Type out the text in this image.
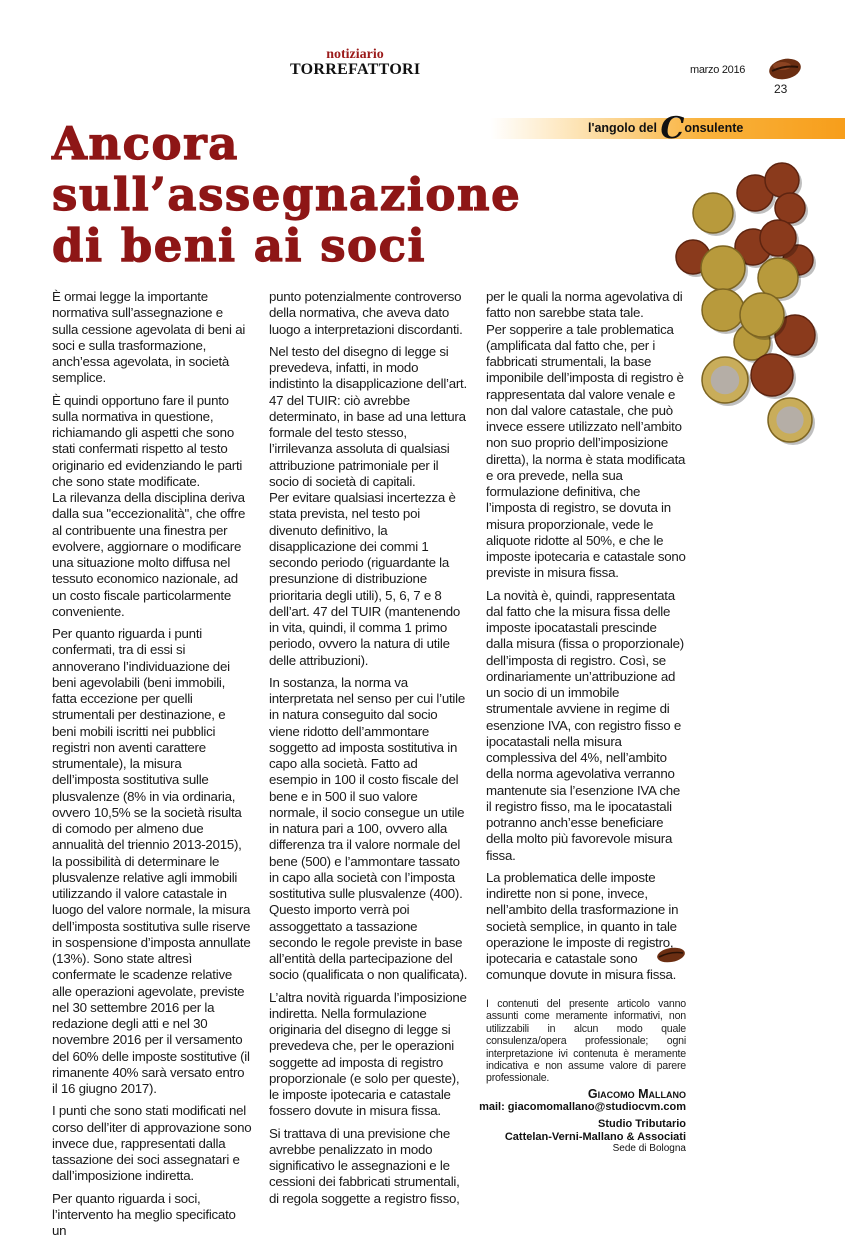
notiziario
TORREFATTORI	marzo 2016
23
l'angolo del Consulente
Ancora
sull’assegnazione
di beni ai soci

È ormai legge la importante normativa sull’assegnazione e sulla cessione agevolata di beni ai soci e sulla trasformazione, anch’essa agevolata, in società semplice.

È quindi opportuno fare il punto sulla normativa in questione, richiamando gli aspetti che sono stati confermati rispetto al testo originario ed evidenziando le parti che sono state modificate.

La rilevanza della disciplina deriva dalla sua "eccezionalità", che offre al contribuente una finestra per evolvere, aggiornare o modificare una situazione molto diffusa nel tessuto economico nazionale, ad un costo fiscale particolarmente conveniente.

Per quanto riguarda i punti confermati, tra di essi si annoverano l’individuazione dei beni agevolabili (beni immobili, fatta eccezione per quelli strumentali per destinazione, e beni mobili iscritti nei pubblici registri non aventi carattere strumentale), la misura dell’imposta sostitutiva sulle plusvalenze (8% in via ordinaria, ovvero 10,5% se la società risulta di comodo per almeno due annualità del triennio 2013-2015), la possibilità di determinare le plusvalenze relative agli immobili utilizzando il valore catastale in luogo del valore normale, la misura dell’imposta sostitutiva sulle riserve in sospensione d’imposta annullate (13%). Sono state altresì confermate le scadenze relative alle operazioni agevolate, previste nel 30 settembre 2016 per la redazione degli atti e nel 30 novembre 2016 per il versamento del 60% delle imposte sostitutive (il rimanente 40% sarà versato entro il 16 giugno 2017).

I punti che sono stati modificati nel corso dell’iter di approvazione sono invece due, rappresentati dalla tassazione dei soci assegnatari e dall’imposizione indiretta.

Per quanto riguarda i soci, l’intervento ha meglio specificato un

punto potenzialmente controverso della normativa, che aveva dato luogo a interpretazioni discordanti.

Nel testo del disegno di legge si prevedeva, infatti, in modo indistinto la disapplicazione dell’art. 47 del TUIR: ciò avrebbe determinato, in base ad una lettura formale del testo stesso, l’irrilevanza assoluta di qualsiasi attribuzione patrimoniale per il socio di società di capitali.

Per evitare qualsiasi incertezza è stata prevista, nel testo poi divenuto definitivo, la disapplicazione dei commi 1 secondo periodo (riguardante la presunzione di distribuzione prioritaria degli utili), 5, 6, 7 e 8 dell’art. 47 del TUIR (mantenendo in vita, quindi, il comma 1 primo periodo, ovvero la natura di utile delle attribuzioni).

In sostanza, la norma va interpretata nel senso per cui l’utile in natura conseguito dal socio viene ridotto dell’ammontare soggetto ad imposta sostitutiva in capo alla società. Fatto ad esempio in 100 il costo fiscale del bene e in 500 il suo valore normale, il socio consegue un utile in natura pari a 100, ovvero alla differenza tra il valore normale del bene (500) e l’ammontare tassato in capo alla società con l’imposta sostitutiva sulle plusvalenze (400). Questo importo verrà poi assoggettato a tassazione secondo le regole previste in base all’entità della partecipazione del socio (qualificata o non qualificata).

L’altra novità riguarda l’imposizione indiretta. Nella formulazione originaria del disegno di legge si prevedeva che, per le operazioni soggette ad imposta di registro proporzionale (e solo per queste), le imposte ipotecaria e catastale fossero dovute in misura fissa.

Si trattava di una previsione che avrebbe penalizzato in modo significativo le assegnazioni e le cessioni dei fabbricati strumentali, di regola soggette a registro fisso,

per le quali la norma agevolativa di fatto non sarebbe stata tale.

Per sopperire a tale problematica (amplificata dal fatto che, per i fabbricati strumentali, la base imponibile dell’imposta di registro è rappresentata dal valore venale e non dal valore catastale, che può invece essere utilizzato nell’ambito non suo proprio dell’imposizione diretta), la norma è stata modificata e ora prevede, nella sua formulazione definitiva, che l’imposta di registro, se dovuta in misura proporzionale, vede le aliquote ridotte al 50%, e che le imposte ipotecaria e catastale sono previste in misura fissa.

La novità è, quindi, rappresentata dal fatto che la misura fissa delle imposte ipocatastali prescinde dalla misura (fissa o proporzionale) dell’imposta di registro. Così, se ordinariamente un’attribuzione ad un socio di un immobile strumentale avviene in regime di esenzione IVA, con registro fisso e ipocatastali nella misura complessiva del 4%, nell’ambito della norma agevolativa verranno mantenute sia l’esenzione IVA che il registro fisso, ma le ipocatastali potranno anch’esse beneficiare della molto più favorevole misura fissa.

La problematica delle imposte indirette non si pone, invece, nell’ambito della trasformazione in società semplice, in quanto in tale operazione le imposte di registro, ipotecaria e catastale sono comunque dovute in misura fissa.

I contenuti del presente articolo vanno assunti come meramente informativi, non utilizzabili in alcun modo quale consulenza/opera professionale; ogni interpretazione ivi contenuta è meramente indicativa e non assume valore di parere professionale.
Giacomo Mallano
mail: giacomomallano@studiocvm.com
Studio Tributario
Cattelan-Verni-Mallano & Associati
Sede di Bologna
